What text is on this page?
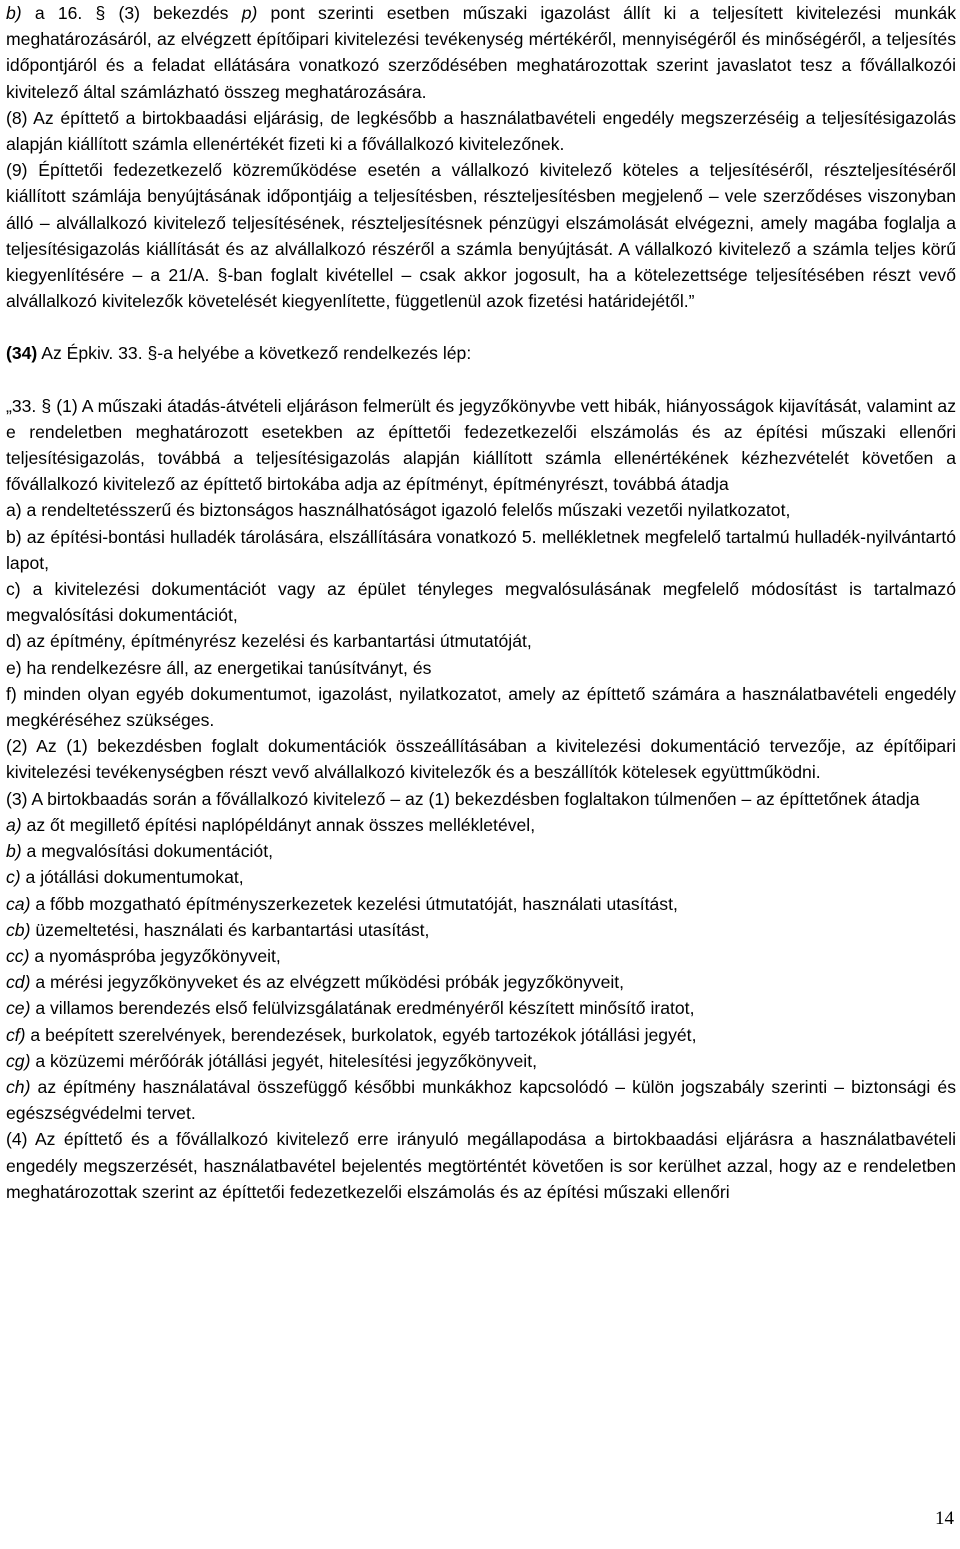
b) a 16. § (3) bekezdés p) pont szerinti esetben műszaki igazolást állít ki a teljesített kivitelezési munkák meghatározásáról, az elvégzett építőipari kivitelezési tevékenység mértékéről, mennyiségéről és minőségéről, a teljesítés időpontjáról és a feladat ellátására vonatkozó szerződésében meghatározottak szerint javaslatot tesz a fővállalkozói kivitelező által számlázható összeg meghatározására.

(8) Az építtető a birtokbaadási eljárásig, de legkésőbb a használatbavételi engedély megszerzéséig a teljesítésigazolás alapján kiállított számla ellenértékét fizeti ki a fővállalkozó kivitelezőnek.

(9) Építtetői fedezetkezelő közreműködése esetén a vállalkozó kivitelező köteles a teljesítéséről, részteljesítéséről kiállított számlája benyújtásának időpontjáig a teljesítésben, részteljesítésben megjelenő – vele szerződéses viszonyban álló – alvállalkozó kivitelező teljesítésének, részteljesítésnek pénzügyi elszámolását elvégezni, amely magába foglalja a teljesítésigazolás kiállítását és az alvállalkozó részéről a számla benyújtását. A vállalkozó kivitelező a számla teljes körű kiegyenlítésére – a 21/A. §-ban foglalt kivétellel – csak akkor jogosult, ha a kötelezettsége teljesítésében részt vevő alvállalkozó kivitelezők követelését kiegyenlítette, függetlenül azok fizetési határidejétől.”

(34) Az Épkiv. 33. §-a helyébe a következő rendelkezés lép:

„33. § (1) A műszaki átadás-átvételi eljáráson felmerült és jegyzőkönyvbe vett hibák, hiányosságok kijavítását, valamint az e rendeletben meghatározott esetekben az építtetői fedezetkezelői elszámolás és az építési műszaki ellenőri teljesítésigazolás, továbbá a teljesítésigazolás alapján kiállított számla ellenértékének kézhezvételét követően a fővállalkozó kivitelező az építtető birtokába adja az építményt, építményrészt, továbbá átadja

a) a rendeltetésszerű és biztonságos használhatóságot igazoló felelős műszaki vezetői nyilatkozatot,

b) az építési-bontási hulladék tárolására, elszállítására vonatkozó 5. mellékletnek megfelelő tartalmú hulladék-nyilvántartó lapot,

c) a kivitelezési dokumentációt vagy az épület tényleges megvalósulásának megfelelő módosítást is tartalmazó megvalósítási dokumentációt,

d) az építmény, építményrész kezelési és karbantartási útmutatóját,

e) ha rendelkezésre áll, az energetikai tanúsítványt, és

f) minden olyan egyéb dokumentumot, igazolást, nyilatkozatot, amely az építtető számára a használatbavételi engedély megkéréséhez szükséges.

(2) Az (1) bekezdésben foglalt dokumentációk összeállításában a kivitelezési dokumentáció tervezője, az építőipari kivitelezési tevékenységben részt vevő alvállalkozó kivitelezők és a beszállítók kötelesek együttműködni.

(3) A birtokbaadás során a fővállalkozó kivitelező – az (1) bekezdésben foglaltakon túlmenően – az építtetőnek átadja

a) az őt megillető építési naplópéldányt annak összes mellékletével,

b) a megvalósítási dokumentációt,

c) a jótállási dokumentumokat,

ca) a főbb mozgatható építményszerkezetek kezelési útmutatóját, használati utasítást,

cb) üzemeltetési, használati és karbantartási utasítást,

cc) a nyomáspróba jegyzőkönyveit,

cd) a mérési jegyzőkönyveket és az elvégzett működési próbák jegyzőkönyveit,

ce) a villamos berendezés első felülvizsgálatának eredményéről készített minősítő iratot,

cf) a beépített szerelvények, berendezések, burkolatok, egyéb tartozékok jótállási jegyét,

cg) a közüzemi mérőórák jótállási jegyét, hitelesítési jegyzőkönyveit,

ch) az építmény használatával összefüggő későbbi munkákhoz kapcsolódó – külön jogszabály szerinti – biztonsági és egészségvédelmi tervet.

(4) Az építtető és a fővállalkozó kivitelező erre irányuló megállapodása a birtokbaadási eljárásra a használatbavételi engedély megszerzését, használatbavétel bejelentés megtörténtét követően is sor kerülhet azzal, hogy az e rendeletben meghatározottak szerint az építtetői fedezetkezelői elszámolás és az építési műszaki ellenőri

14
